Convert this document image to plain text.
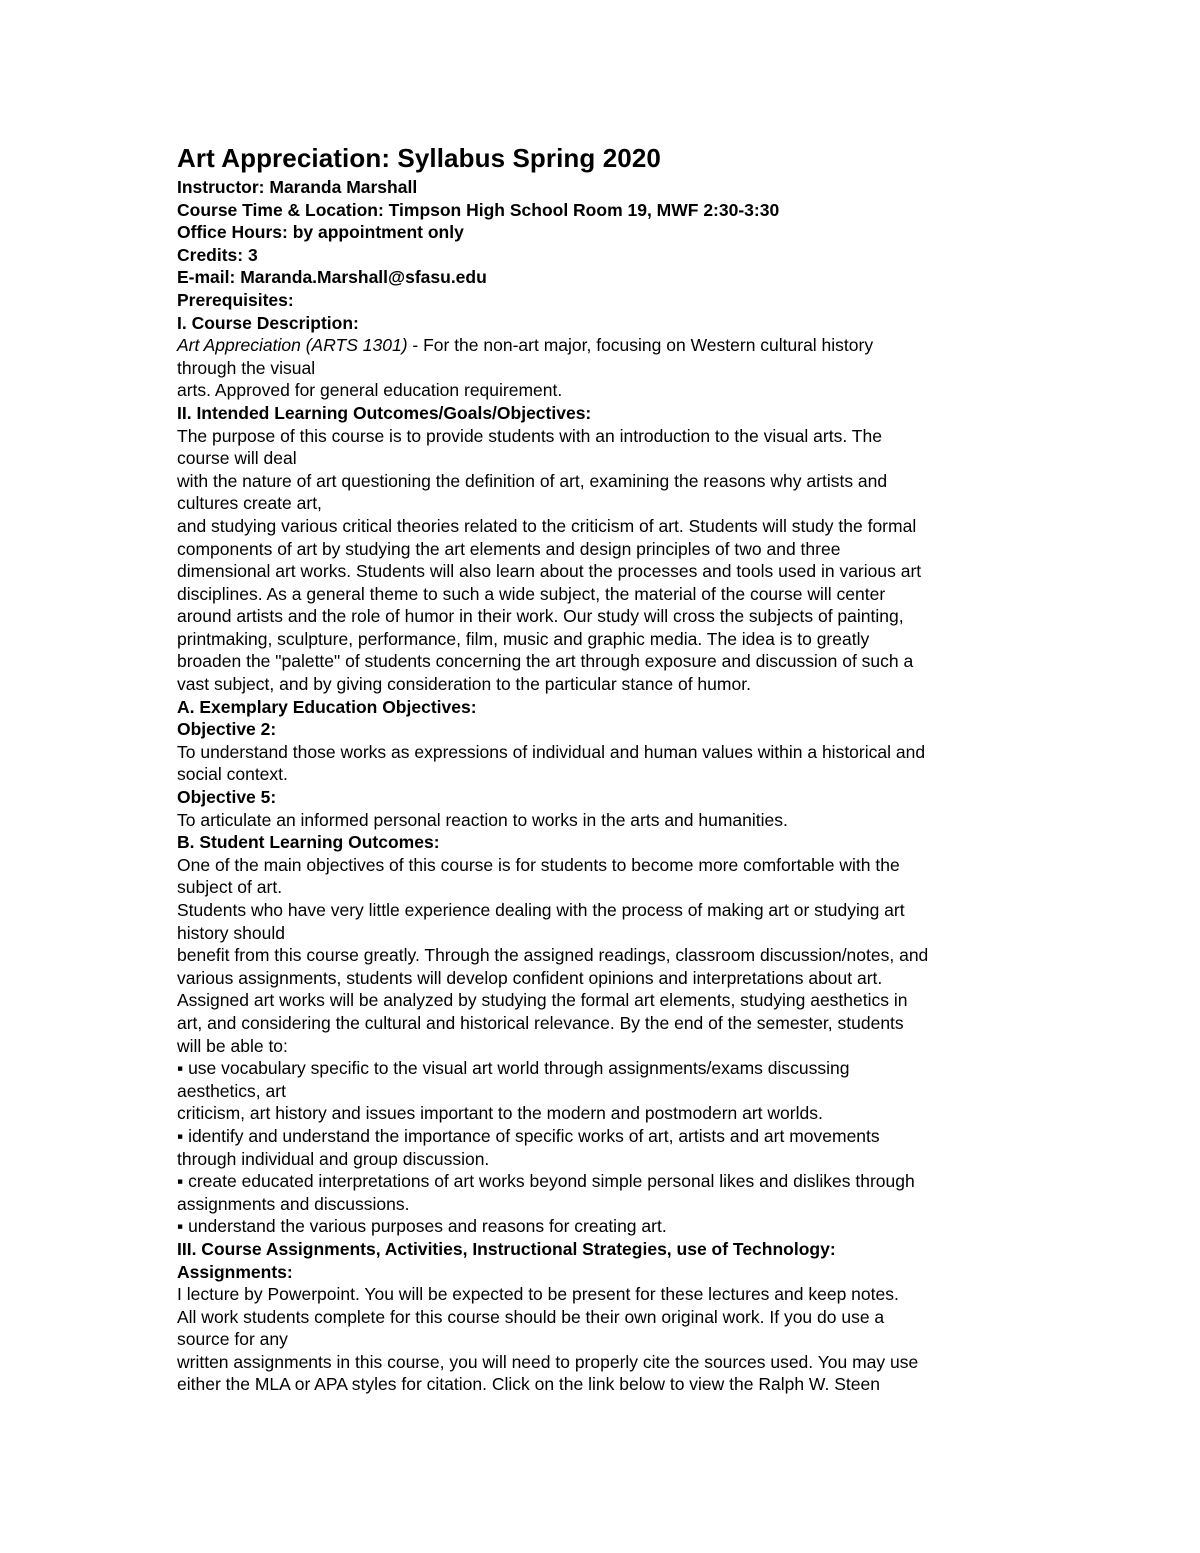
Art Appreciation: Syllabus Spring 2020
Instructor: Maranda Marshall
Course Time & Location: Timpson High School Room 19, MWF 2:30-3:30
Office Hours: by appointment only
Credits: 3
E-mail: Maranda.Marshall@sfasu.edu
Prerequisites:
I. Course Description:
Art Appreciation (ARTS 1301) - For the non-art major, focusing on Western cultural history
through the visual
arts. Approved for general education requirement.
II. Intended Learning Outcomes/Goals/Objectives:
The purpose of this course is to provide students with an introduction to the visual arts. The
course will deal
with the nature of art questioning the definition of art, examining the reasons why artists and
cultures create art,
and studying various critical theories related to the criticism of art. Students will study the formal
components of art by studying the art elements and design principles of two and three
dimensional art works. Students will also learn about the processes and tools used in various art
disciplines. As a general theme to such a wide subject, the material of the course will center
around artists and the role of humor in their work. Our study will cross the subjects of painting,
printmaking, sculpture, performance, film, music and graphic media. The idea is to greatly
broaden the "palette" of students concerning the art through exposure and discussion of such a
vast subject, and by giving consideration to the particular stance of humor.
A. Exemplary Education Objectives:
Objective 2:
To understand those works as expressions of individual and human values within a historical and
social context.
Objective 5:
To articulate an informed personal reaction to works in the arts and humanities.
B. Student Learning Outcomes:
One of the main objectives of this course is for students to become more comfortable with the
subject of art.
Students who have very little experience dealing with the process of making art or studying art
history should
benefit from this course greatly. Through the assigned readings, classroom discussion/notes, and
various assignments, students will develop confident opinions and interpretations about art.
Assigned art works will be analyzed by studying the formal art elements, studying aesthetics in
art, and considering the cultural and historical relevance. By the end of the semester, students
will be able to:
▪ use vocabulary specific to the visual art world through assignments/exams discussing
aesthetics, art
criticism, art history and issues important to the modern and postmodern art worlds.
▪ identify and understand the importance of specific works of art, artists and art movements
through individual and group discussion.
▪ create educated interpretations of art works beyond simple personal likes and dislikes through
assignments and discussions.
▪ understand the various purposes and reasons for creating art.
III. Course Assignments, Activities, Instructional Strategies, use of Technology:
Assignments:
I lecture by Powerpoint. You will be expected to be present for these lectures and keep notes.
All work students complete for this course should be their own original work. If you do use a
source for any
written assignments in this course, you will need to properly cite the sources used. You may use
either the MLA or APA styles for citation. Click on the link below to view the Ralph W. Steen
